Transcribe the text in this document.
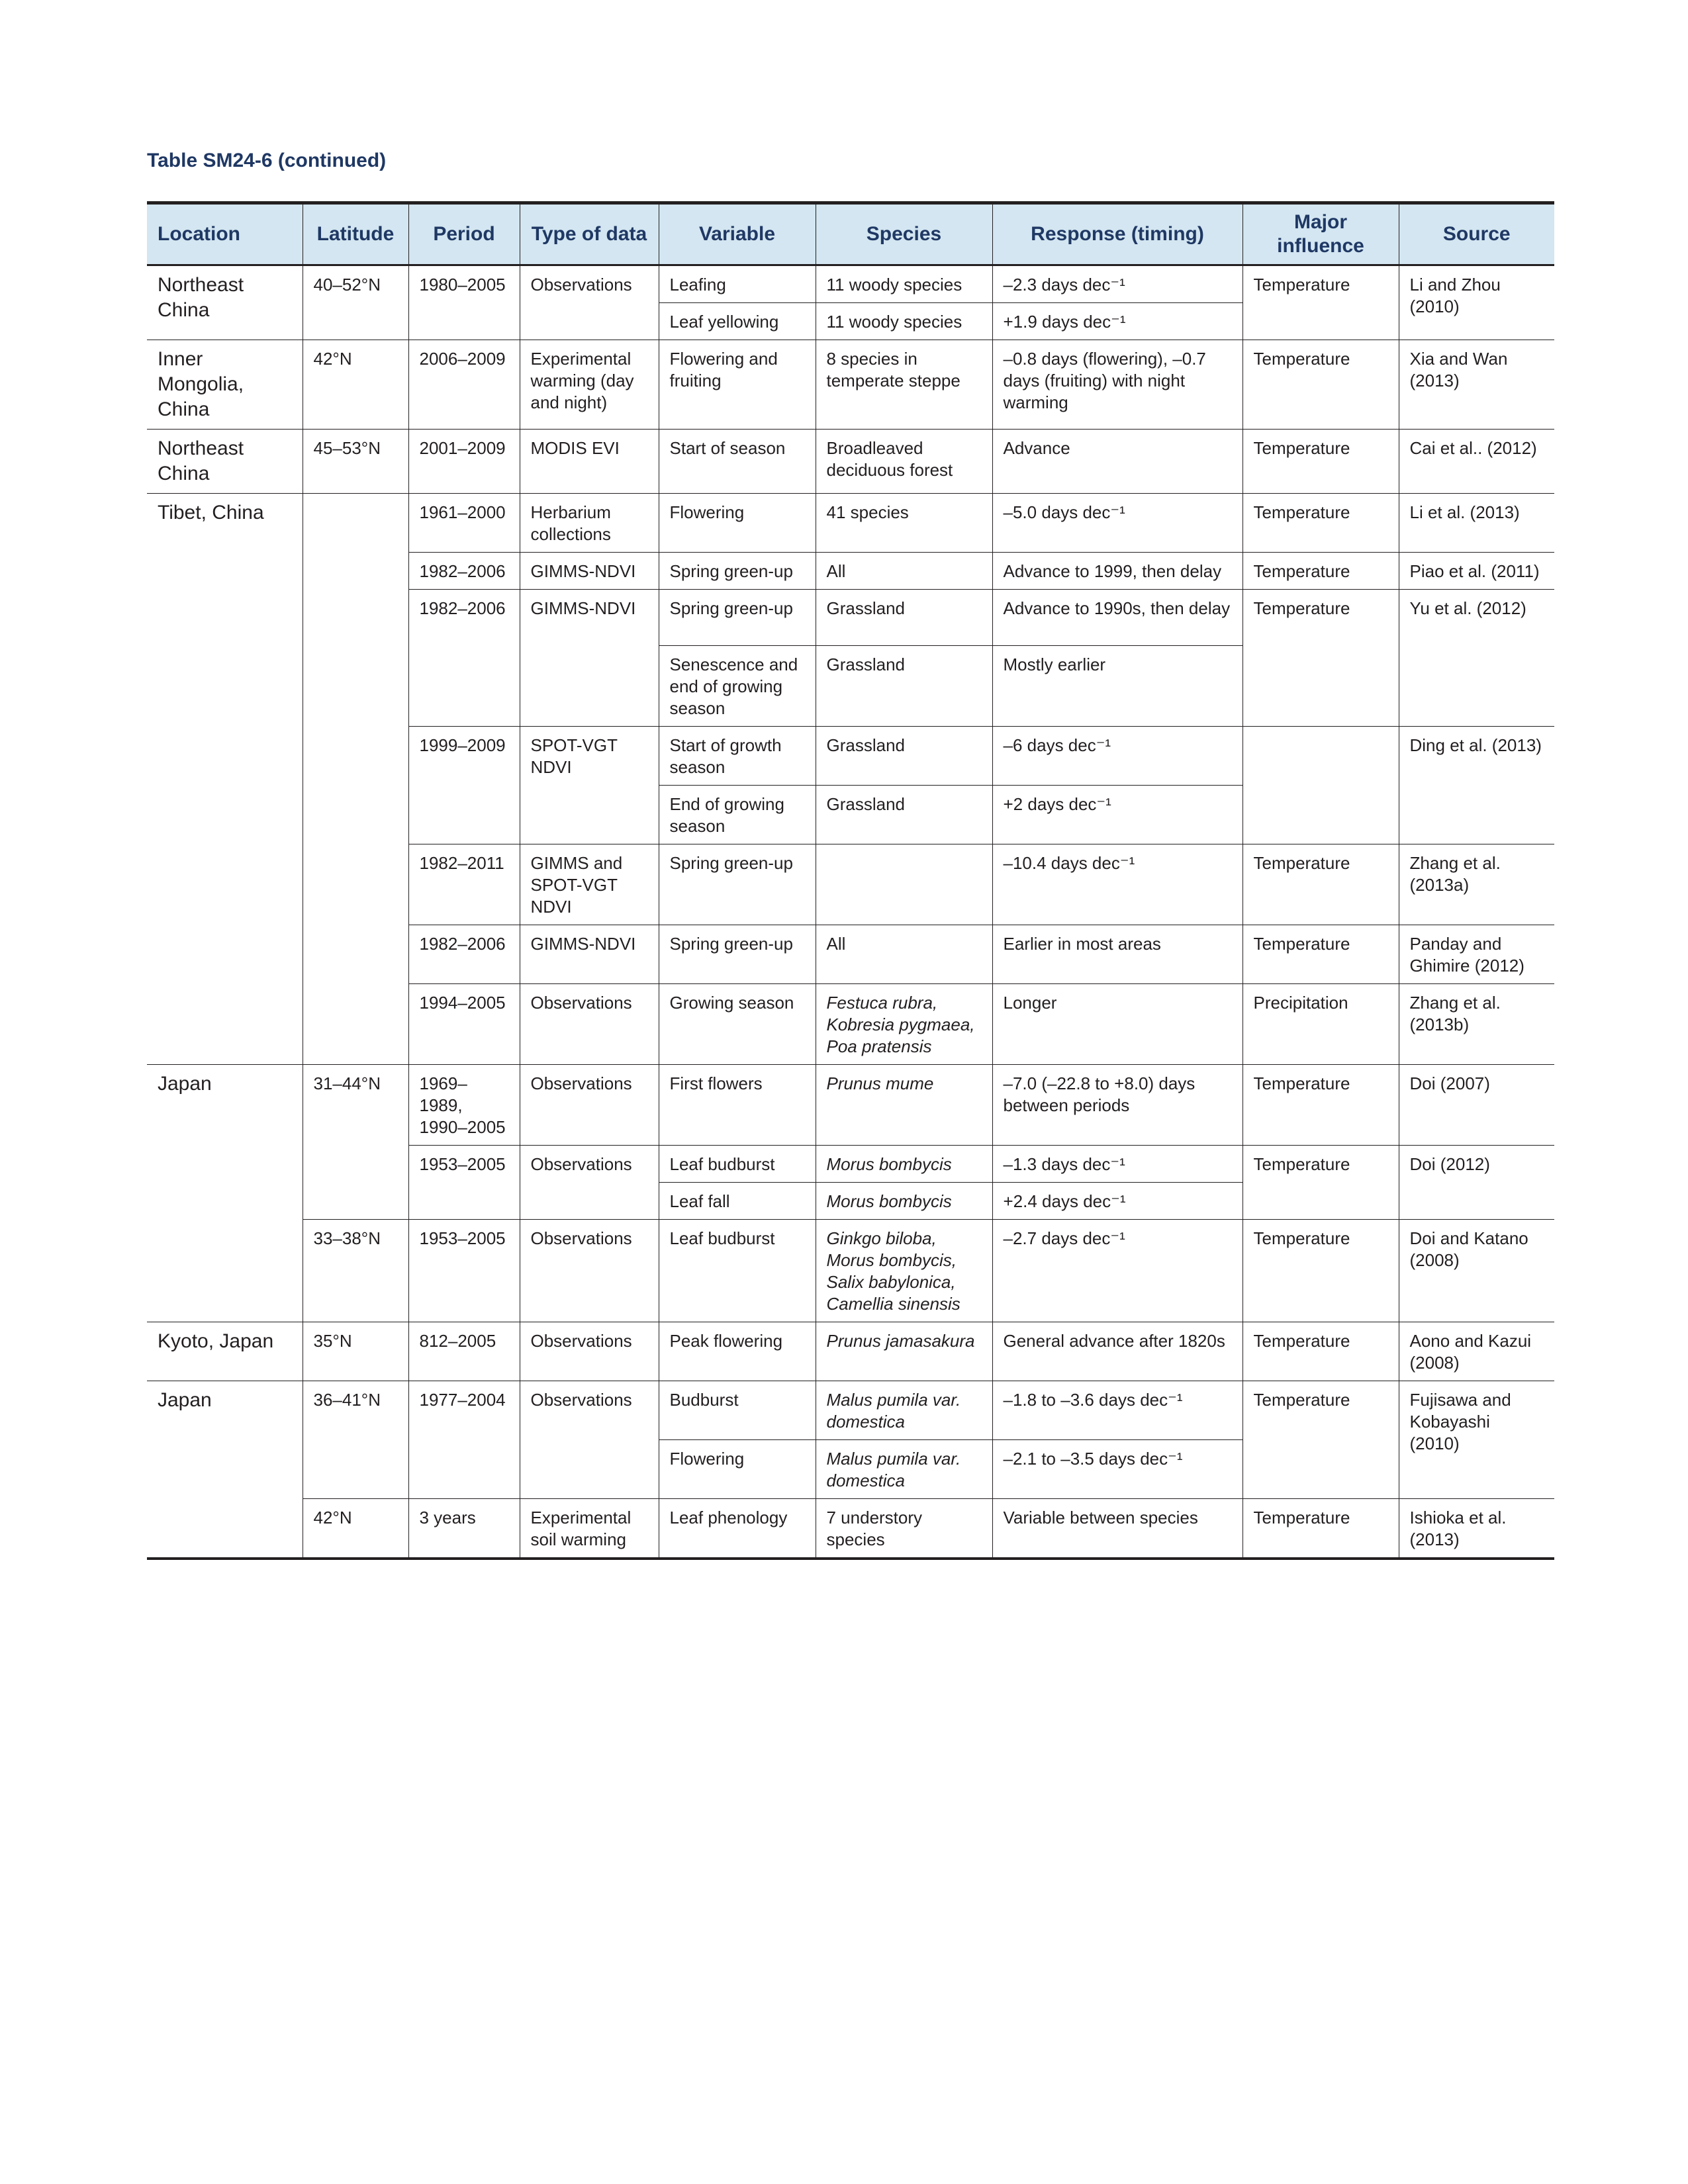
Table SM24-6 (continued)
Location	Latitude	Period	Type of data	Variable	Species	Response (timing)	Major influence	Source
Northeast China	40–52°N	1980–2005	Observations	Leafing	11 woody species	–2.3 days dec⁻¹	Temperature	Li and Zhou (2010)
				Leaf yellowing	11 woody species	+1.9 days dec⁻¹		
Inner Mongolia, China	42°N	2006–2009	Experimental warming (day and night)	Flowering and fruiting	8 species in temperate steppe	–0.8 days (flowering), –0.7 days (fruiting) with night warming	Temperature	Xia and Wan (2013)
Northeast China	45–53°N	2001–2009	MODIS EVI	Start of season	Broadleaved deciduous forest	Advance	Temperature	Cai et al.. (2012)
Tibet, China		1961–2000	Herbarium collections	Flowering	41 species	–5.0 days dec⁻¹	Temperature	Li et al. (2013)
		1982–2006	GIMMS-NDVI	Spring green-up	All	Advance to 1999, then delay	Temperature	Piao et al. (2011)
		1982–2006	GIMMS-NDVI	Spring green-up	Grassland	Advance to 1990s, then delay	Temperature	Yu et al. (2012)
				Senescence and end of growing season	Grassland	Mostly earlier		
		1999–2009	SPOT-VGT NDVI	Start of growth season	Grassland	–6 days dec⁻¹		Ding et al. (2013)
				End of growing season	Grassland	+2 days dec⁻¹		
		1982–2011	GIMMS and SPOT-VGT NDVI	Spring green-up		–10.4 days dec⁻¹	Temperature	Zhang et al. (2013a)
		1982–2006	GIMMS-NDVI	Spring green-up	All	Earlier in most areas	Temperature	Panday and Ghimire (2012)
		1994–2005	Observations	Growing season	Festuca rubra, Kobresia pygmaea, Poa pratensis	Longer	Precipitation	Zhang et al. (2013b)
Japan	31–44°N	1969–1989, 1990–2005	Observations	First flowers	Prunus mume	–7.0 (–22.8 to +8.0) days between periods	Temperature	Doi (2007)
		1953–2005	Observations	Leaf budburst	Morus bombycis	–1.3 days dec⁻¹	Temperature	Doi (2012)
				Leaf fall	Morus bombycis	+2.4 days dec⁻¹		
	33–38°N	1953–2005	Observations	Leaf budburst	Ginkgo biloba, Morus bombycis, Salix babylonica, Camellia sinensis	–2.7 days dec⁻¹	Temperature	Doi and Katano (2008)
Kyoto, Japan	35°N	812–2005	Observations	Peak flowering	Prunus jamasakura	General advance after 1820s	Temperature	Aono and Kazui (2008)
Japan	36–41°N	1977–2004	Observations	Budburst	Malus pumila var. domestica	–1.8 to –3.6 days dec⁻¹	Temperature	Fujisawa and Kobayashi (2010)
				Flowering	Malus pumila var. domestica	–2.1 to –3.5 days dec⁻¹		
	42°N	3 years	Experimental soil warming	Leaf phenology	7 understory species	Variable between species	Temperature	Ishioka et al. (2013)
